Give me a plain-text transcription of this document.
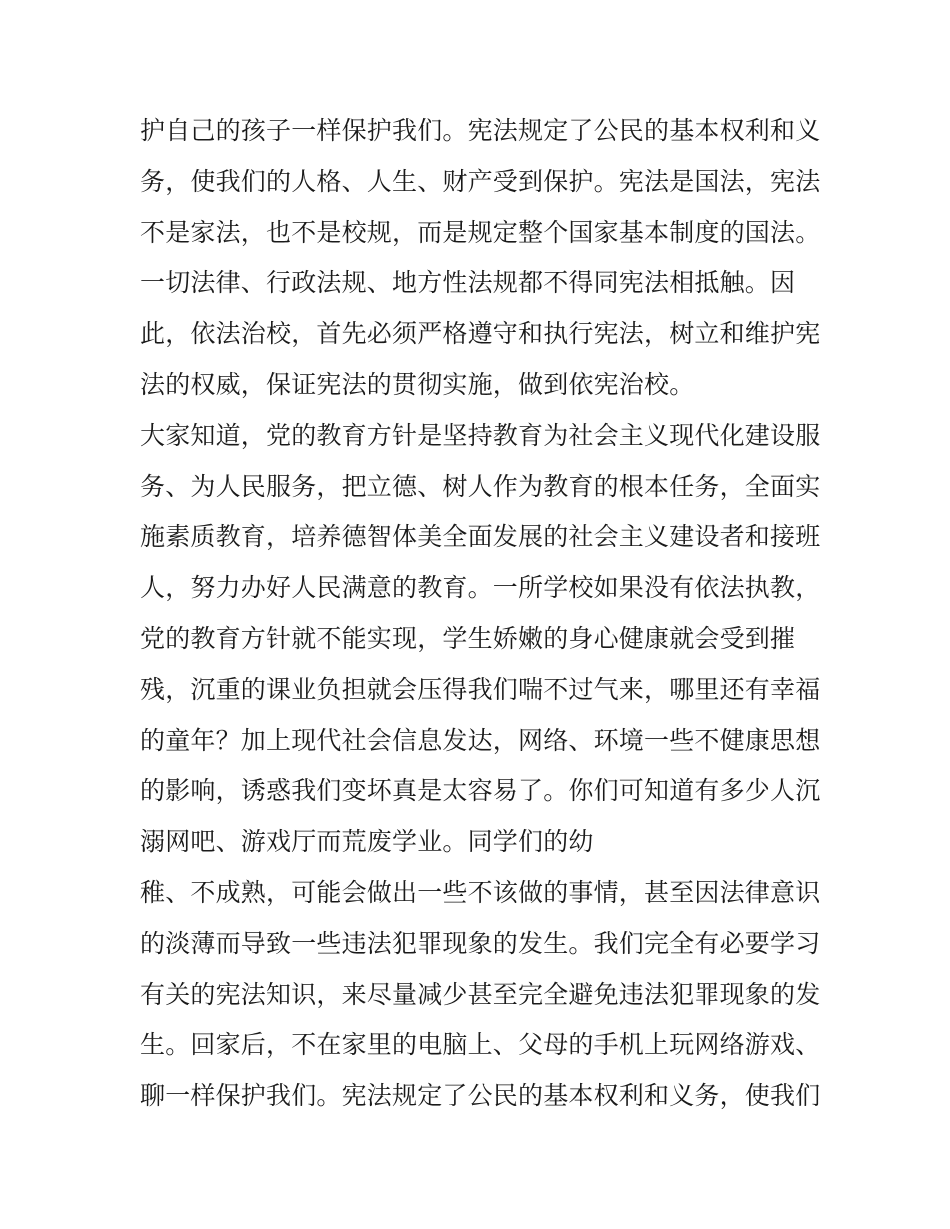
护自己的孩子一样保护我们。宪法规定了公民的基本权利和义
务，使我们的人格、人生、财产受到保护。宪法是国法，宪法
不是家法，也不是校规，而是规定整个国家基本制度的国法。
一切法律、行政法规、地方性法规都不得同宪法相抵触。因
此，依法治校，首先必须严格遵守和执行宪法，树立和维护宪
法的权威，保证宪法的贯彻实施，做到依宪治校。
大家知道，党的教育方针是坚持教育为社会主义现代化建设服
务、为人民服务，把立德、树人作为教育的根本任务，全面实
施素质教育，培养德智体美全面发展的社会主义建设者和接班
人，努力办好人民满意的教育。一所学校如果没有依法执教，
党的教育方针就不能实现，学生娇嫩的身心健康就会受到摧
残，沉重的课业负担就会压得我们喘不过气来，哪里还有幸福
的童年？加上现代社会信息发达，网络、环境一些不健康思想
的影响，诱惑我们变坏真是太容易了。你们可知道有多少人沉
溺网吧、游戏厅而荒废学业。同学们的幼
稚、不成熟，可能会做出一些不该做的事情，甚至因法律意识
的淡薄而导致一些违法犯罪现象的发生。我们完全有必要学习
有关的宪法知识，来尽量减少甚至完全避免违法犯罪现象的发
生。回家后，不在家里的电脑上、父母的手机上玩网络游戏、
聊一样保护我们。宪法规定了公民的基本权利和义务，使我们
